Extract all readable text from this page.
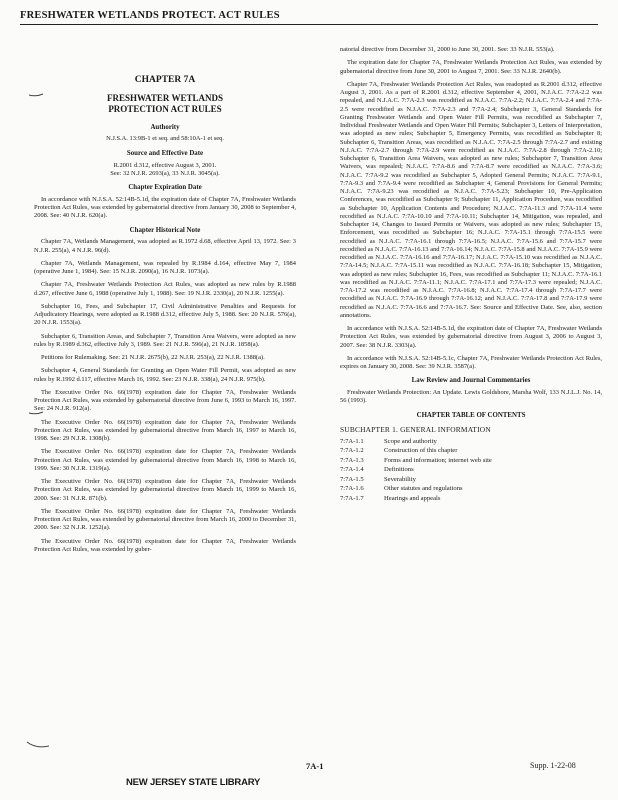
FRESHWATER WETLANDS PROTECT. ACT RULES
CHAPTER 7A
FRESHWATER WETLANDS
PROTECTION ACT RULES
Authority
N.J.S.A. 13:9B-1 et seq. and 58:10A-1 et seq.
Source and Effective Date
R.2001 d.312, effective August 3, 2001.
See: 32 N.J.R. 2693(a), 33 N.J.R. 3045(a).
Chapter Expiration Date

In accordance with N.J.S.A. 52:14B-5.1d, the expiration date of Chapter 7A, Freshwater Wetlands Protection Act Rules, was extended by gubernatorial directive from January 30, 2008 to September 4, 2008. See: 40 N.J.R. 620(a).

Chapter Historical Note

Chapter 7A, Wetlands Management, was adopted as R.1972 d.68, effective April 13, 1972. See: 3 N.J.R. 255(a), 4 N.J.R. 96(d).

Chapter 7A, Wetlands Management, was repealed by R.1984 d.164, effective May 7, 1984 (operative June 1, 1984). See: 15 N.J.R. 2090(a), 16 N.J.R. 1073(a).

Chapter 7A, Freshwater Wetlands Protection Act Rules, was adopted as new rules by R.1988 d.267, effective June 6, 1988 (operative July 1, 1988). See: 19 N.J.R. 2330(a), 20 N.J.R. 1255(a).

Subchapter 16, Fees, and Subchapter 17, Civil Administrative Penalties and Requests for Adjudicatory Hearings, were adopted as R.1988 d.312, effective July 5, 1988. See: 20 N.J.R. 576(a), 20 N.J.R. 1553(a).

Subchapter 6, Transition Areas, and Subchapter 7, Transition Area Waivers, were adopted as new rules by R.1989 d.362, effective July 3, 1989. See: 21 N.J.R. 596(a), 21 N.J.R. 1858(a).

Petitions for Rulemaking. See: 21 N.J.R. 2675(b), 22 N.J.R. 253(a), 22 N.J.R. 1388(a).

Subchapter 4, General Standards for Granting an Open Water Fill Permit, was adopted as new rules by R.1992 d.117, effective March 16, 1992. See: 23 N.J.R. 338(a), 24 N.J.R. 975(b).

The Executive Order No. 66(1978) expiration date for Chapter 7A, Freshwater Wetlands Protection Act Rules, was extended by gubernatorial directive from June 6, 1993 to March 16, 1997. See: 24 N.J.R. 912(a).

The Executive Order No. 66(1978) expiration date for Chapter 7A, Freshwater Wetlands Protection Act Rules, was extended by gubernatorial directive from March 16, 1997 to March 16, 1998. See: 29 N.J.R. 1308(b).

The Executive Order No. 66(1978) expiration date for Chapter 7A, Freshwater Wetlands Protection Act Rules, was extended by gubernatorial directive from March 16, 1998 to March 16, 1999. See: 30 N.J.R. 1319(a).

The Executive Order No. 66(1978) expiration date for Chapter 7A, Freshwater Wetlands Protection Act Rules, was extended by gubernatorial directive from March 16, 1999 to March 16, 2000. See: 31 N.J.R. 871(b).

The Executive Order No. 66(1978) expiration date for Chapter 7A, Freshwater Wetlands Protection Act Rules, was extended by gubernatorial directive from March 16, 2000 to December 31, 2000. See: 32 N.J.R. 1252(a).

The Executive Order No. 66(1978) expiration date for Chapter 7A, Freshwater Wetlands Protection Act Rules, was extended by guber-

natorial directive from December 31, 2000 to June 30, 2001. See: 33 N.J.R. 553(a).

The expiration date for Chapter 7A, Freshwater Wetlands Protection Act Rules, was extended by gubernatorial directive from June 30, 2001 to August 7, 2001. See: 33 N.J.R. 2640(b).

Chapter 7A, Freshwater Wetlands Protection Act Rules, was readopted as R.2001 d.312, effective August 3, 2001. As a part of R.2001 d.312, effective September 4, 2001, N.J.A.C. 7:7A-2.2 was repealed, and N.J.A.C. 7:7A-2.3 was recodified as N.J.A.C. 7:7A-2.2; N.J.A.C. 7:7A-2.4 and 7:7A-2.5 were recodified as N.J.A.C. 7:7A-2.3 and 7:7A-2.4; Subchapter 3, General Standards for Granting Freshwater Wetlands and Open Water Fill Permits, was recodified as Subchapter 7, Individual Freshwater Wetlands and Open Water Fill Permits; Subchapter 3, Letters of Interpretation, was adopted as new rules; Subchapter 5, Emergency Permits, was recodified as Subchapter 8; Subchapter 6, Transition Areas, was recodified as N.J.A.C. 7:7A-2.5 through 7:7A-2.7 and existing N.J.A.C. 7:7A-2.7 through 7:7A-2.9 were recodified as N.J.A.C. 7:7A-2.8 through 7:7A-2.10; Subchapter 6, Transition Area Waivers, was adopted as new rules; Subchapter 7, Transition Area Waivers, was repealed; N.J.A.C. 7:7A-8.6 and 7:7A-8.7 were recodified as N.J.A.C. 7:7A-3.6; N.J.A.C. 7:7A-9.2 was recodified as Subchapter 5, Adopted General Permits; N.J.A.C. 7:7A-9.1, 7:7A-9.3 and 7:7A-9.4 were recodified as Subchapter 4, General Provisions for General Permits; N.J.A.C. 7:7A-9.23 was recodified as N.J.A.C. 7:7A-5.23; Subchapter 10, Pre-Application Conferences, was recodified as Subchapter 9; Subchapter 11, Application Procedure, was recodified as Subchapter 10, Application Contents and Procedure; N.J.A.C. 7:7A-11.3 and 7:7A-11.4 were recodified as N.J.A.C. 7:7A-10.10 and 7:7A-10.11; Subchapter 14, Mitigation, was repealed, and Subchapter 14, Changes to Issued Permits or Waivers, was adopted as new rules; Subchapter 15, Enforcement, was recodified as Subchapter 16; N.J.A.C. 7:7A-15.1 through 7:7A-15.5 were recodified as N.J.A.C. 7:7A-16.1 through 7:7A-16.5; N.J.A.C. 7:7A-15.6 and 7:7A-15.7 were recodified as N.J.A.C. 7:7A-16.13 and 7:7A-16.14; N.J.A.C. 7:7A-15.8 and N.J.A.C. 7:7A-15.9 were recodified as N.J.A.C. 7:7A-16.16 and 7:7A-16.17; N.J.A.C. 7:7A-15.10 was recodified as N.J.A.C. 7:7A-14.5; N.J.A.C. 7:7A-15.11 was recodified as N.J.A.C. 7:7A-16.18; Subchapter 15, Mitigation, was adopted as new rules; Subchapter 16, Fees, was recodified as Subchapter 11; N.J.A.C. 7:7A-16.1 was recodified as N.J.A.C. 7:7A-11.1; N.J.A.C. 7:7A-17.1 and 7:7A-17.3 were repealed; N.J.A.C. 7:7A-17.2 was recodified as N.J.A.C. 7:7A-16.8; N.J.A.C. 7:7A-17.4 through 7:7A-17.7 were recodified as N.J.A.C. 7:7A-16.9 through 7:7A-16.12; and N.J.A.C. 7:7A-17.8 and 7:7A-17.9 were recodified as N.J.A.C. 7:7A-16.6 and 7:7A-16.7. See: Source and Effective Date. See, also, section annotations.

In accordance with N.J.S.A. 52:14B-5.1d, the expiration date of Chapter 7A, Freshwater Wetlands Protection Act Rules, was extended by gubernatorial directive from August 3, 2006 to August 3, 2007. See: 38 N.J.R. 3303(a).

In accordance with N.J.S.A. 52:14B-5.1c, Chapter 7A, Freshwater Wetlands Protection Act Rules, expires on January 30, 2008. See: 39 N.J.R. 3587(a).

Law Review and Journal Commentaries

Freshwater Wetlands Protection: An Update. Lewis Goldshore, Marsha Wolf, 133 N.J.L.J. No. 14, 56 (1993).

CHAPTER TABLE OF CONTENTS
SUBCHAPTER 1. GENERAL INFORMATION
7:7A-1.1	Scope and authority
7:7A-1.2	Construction of this chapter
7:7A-1.3	Forms and information; internet web site
7:7A-1.4	Definitions
7:7A-1.5	Severability
7:7A-1.6	Other statutes and regulations
7:7A-1.7	Hearings and appeals
7A-1	Supp. 1-22-08
NEW JERSEY STATE LIBRARY
